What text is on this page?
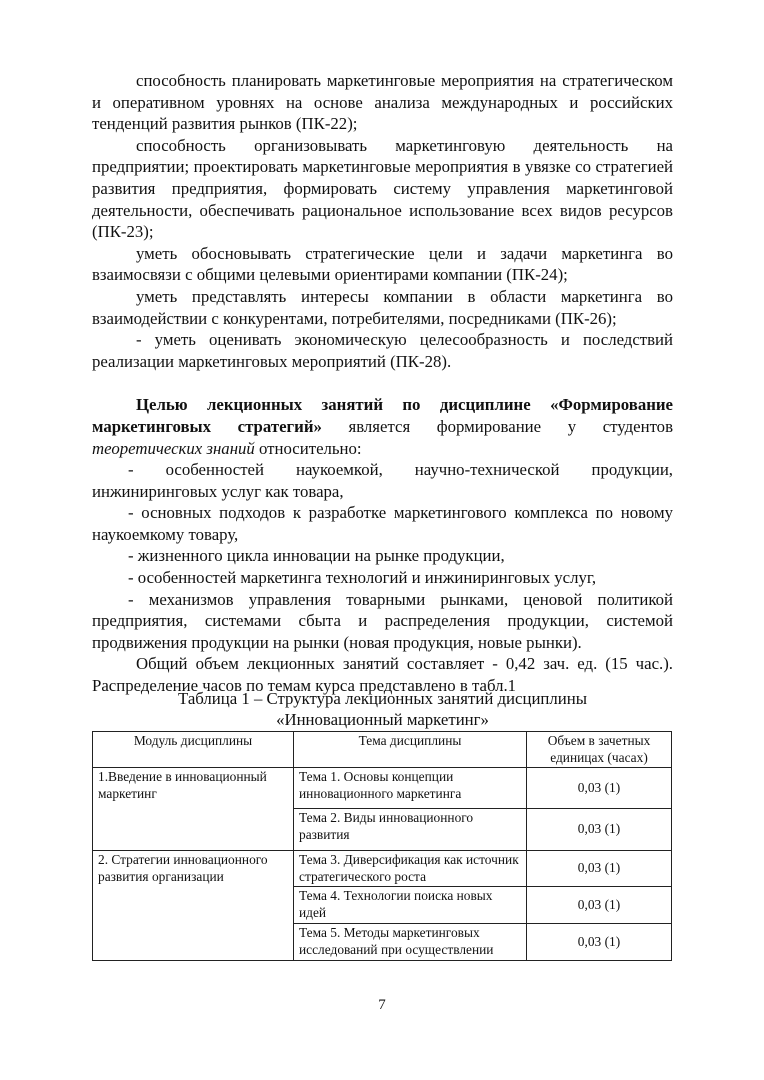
способность планировать маркетинговые мероприятия на стратегическом и оперативном уровнях на основе анализа международных и российских тенденций развития рынков (ПК-22);

способность организовывать маркетинговую деятельность на предприятии; проектировать маркетинговые мероприятия в увязке со стратегией развития предприятия, формировать систему управления маркетинговой деятельности, обеспечивать рациональное использование всех видов ресурсов (ПК-23);

уметь обосновывать стратегические цели и задачи маркетинга во взаимосвязи с общими целевыми ориентирами компании (ПК-24);

уметь представлять интересы компании в области маркетинга во взаимодействии с конкурентами, потребителями, посредниками (ПК-26);

- уметь оценивать экономическую целесообразность и последствий реализации маркетинговых мероприятий (ПК-28).

Целью лекционных занятий по дисциплине «Формирование маркетинговых стратегий» является формирование у студентов теоретических знаний относительно:

- особенностей наукоемкой, научно-технической продукции, инжиниринговых услуг как товара,

- основных подходов к разработке маркетингового комплекса по новому наукоемкому товару,

- жизненного цикла инновации на рынке продукции,

- особенностей маркетинга технологий и инжиниринговых услуг,

- механизмов управления товарными рынками, ценовой политикой предприятия, системами сбыта и распределения продукции, системой продвижения продукции на рынки (новая продукция, новые рынки).

Общий объем лекционных занятий составляет - 0,42 зач. ед. (15 час.). Распределение часов по темам курса представлено в табл.1

Таблица 1 – Структура лекционных занятий дисциплины
«Инновационный маркетинг»
Модуль дисциплины	Тема дисциплины	Объем в зачетных единицах (часах)
1.Введение в инновационный маркетинг	Тема 1. Основы концепции инновационного маркетинга	0,03 (1)
	Тема 2. Виды инновационного развития	0,03 (1)
2. Стратегии инновационного развития организации	Тема 3. Диверсификация как источник стратегического роста	0,03 (1)
	Тема 4. Технологии поиска новых идей	0,03 (1)
	Тема 5. Методы маркетинговых исследований при осуществлении	0,03 (1)
7
